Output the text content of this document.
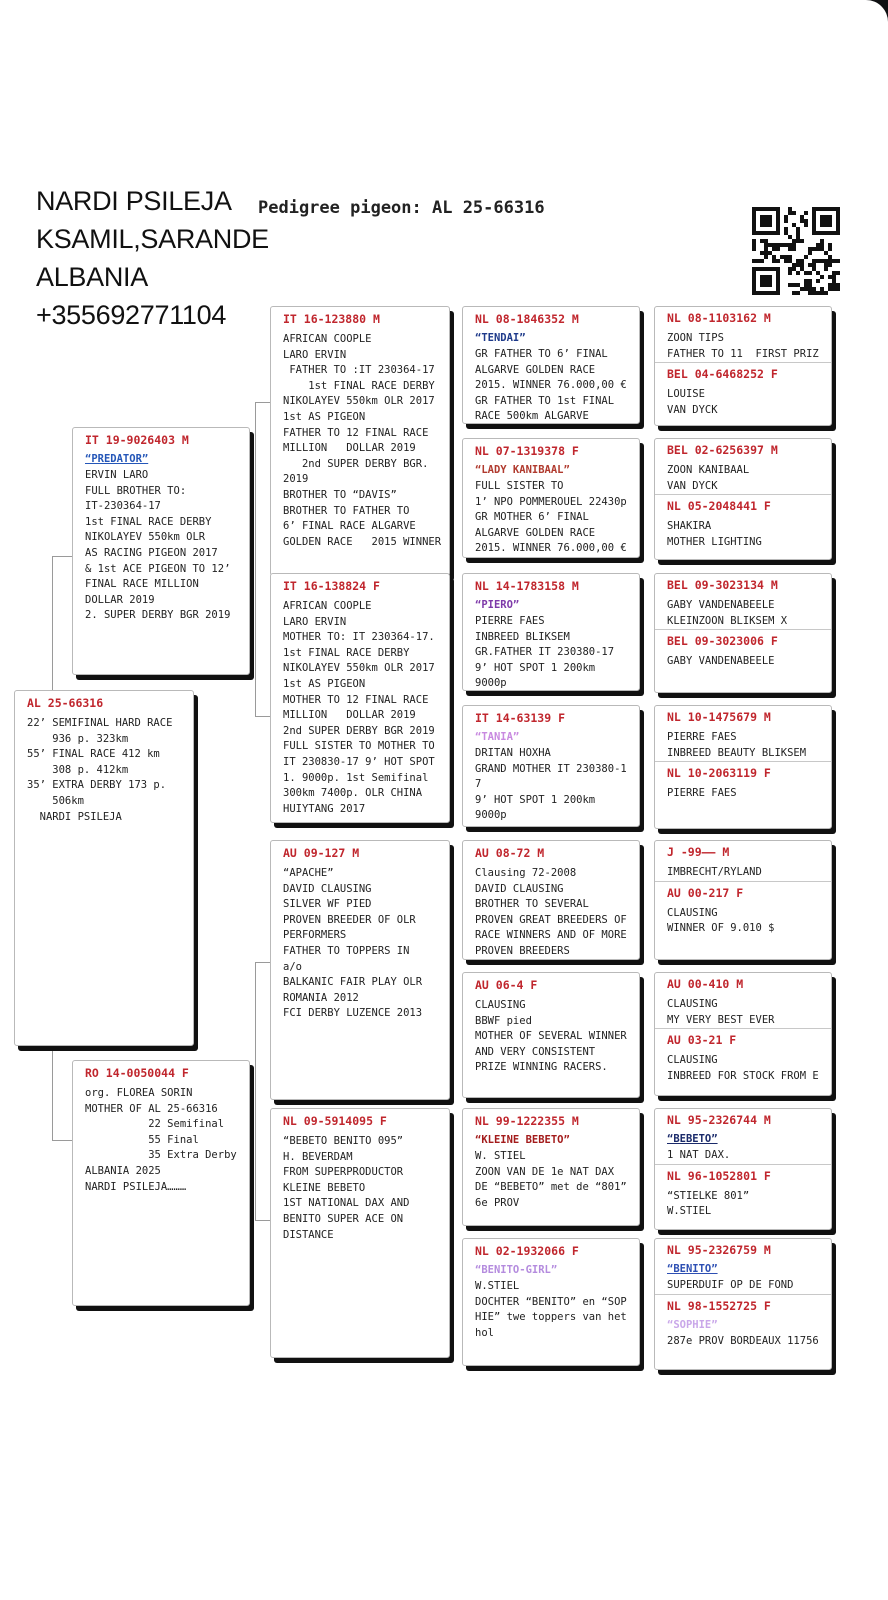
NARDI PSILEJA
KSAMIL,SARANDE
ALBANIA
+355692771104
Pedigree pigeon: AL 25-66316
AL 25-66316
22’ SEMIFINAL HARD RACE
936 p. 323km
55’ FINAL RACE 412 km
308 p. 412km
35’ EXTRA DERBY 173 p.
506km
NARDI PSILEJA
IT 19-9026403 M
“PREDATOR”
ERVIN LARO
FULL BROTHER TO:
IT-230364-17
1st FINAL RACE DERBY
NIKOLAYEV 550km OLR
AS RACING PIGEON 2017
& 1st ACE PIGEON TO 12’
FINAL RACE MILLION
DOLLAR 2019
2. SUPER DERBY BGR 2019
RO 14-0050044 F
org. FLOREA SORIN
MOTHER OF AL 25-66316
22 Semifinal
55 Final
35 Extra Derby
ALBANIA 2025
NARDI PSILEJA………
IT 16-123880 M
AFRICAN COOPLE
LARO ERVIN
FATHER TO :IT 230364-17
1st FINAL RACE DERBY
NIKOLAYEV 550km OLR 2017
1st AS PIGEON
FATHER TO 12 FINAL RACE
MILLION   DOLLAR 2019
2nd SUPER DERBY BGR.
2019
BROTHER TO “DAVIS”
BROTHER TO FATHER TO
6’ FINAL RACE ALGARVE
GOLDEN RACE   2015 WINNER
IT 16-138824 F
AFRICAN COOPLE
LARO ERVIN
MOTHER TO: IT 230364-17.
1st FINAL RACE DERBY
NIKOLAYEV 550km OLR 2017
1st AS PIGEON
MOTHER TO 12 FINAL RACE
MILLION   DOLLAR 2019
2nd SUPER DERBY BGR 2019
FULL SISTER TO MOTHER TO
IT 230830-17 9’ HOT SPOT
1. 9000p. 1st Semifinal
300km 7400p. OLR CHINA
HUIYTANG 2017
AU 09-127 M
“APACHE”
DAVID CLAUSING
SILVER WF PIED
PROVEN BREEDER OF OLR
PERFORMERS
FATHER TO TOPPERS IN
a/o
BALKANIC FAIR PLAY OLR
ROMANIA 2012
FCI DERBY LUZENCE 2013
NL 09-5914095 F
“BEBETO BENITO 095”
H. BEVERDAM
FROM SUPERPRODUCTOR
KLEINE BEBETO
1ST NATIONAL DAX AND
BENITO SUPER ACE ON
DISTANCE
NL 08-1846352 M
“TENDAI”
GR FATHER TO 6’ FINAL
ALGARVE GOLDEN RACE
2015. WINNER 76.000,00 €
GR FATHER TO 1st FINAL
RACE 500km ALGARVE
NL 07-1319378 F
“LADY KANIBAAL”
FULL SISTER TO
1’ NPO POMMEROUEL 22430p
GR MOTHER 6’ FINAL
ALGARVE GOLDEN RACE
2015. WINNER 76.000,00 €
NL 14-1783158 M
“PIERO”
PIERRE FAES
INBREED BLIKSEM
GR.FATHER IT 230380-17
9’ HOT SPOT 1 200km
9000p
IT 14-63139 F
“TANIA”
DRITAN HOXHA
GRAND MOTHER IT 230380-1
7
9’ HOT SPOT 1 200km
9000p
AU 08-72 M
Clausing 72-2008
DAVID CLAUSING
BROTHER TO SEVERAL
PROVEN GREAT BREEDERS OF
RACE WINNERS AND OF MORE
PROVEN BREEDERS
AU 06-4 F
CLAUSING
BBWF pied
MOTHER OF SEVERAL WINNER
AND VERY CONSISTENT
PRIZE WINNING RACERS.
NL 99-1222355 M
“KLEINE BEBETO”
W. STIEL
ZOON VAN DE 1e NAT DAX
DE “BEBETO” met de “801”
6e PROV
NL 02-1932066 F
“BENITO-GIRL”
W.STIEL
DOCHTER “BENITO” en “SOP
HIE” twe toppers van het
hol
NL 08-1103162 M
ZOON TIPS
FATHER TO 11  FIRST PRIZ
BEL 04-6468252 F
LOUISE
VAN DYCK
BEL 02-6256397 M
ZOON KANIBAAL
VAN DYCK
NL 05-2048441 F
SHAKIRA
MOTHER LIGHTING
BEL 09-3023134 M
GABY VANDENABEELE
KLEINZOON BLIKSEM X
BEL 09-3023006 F
GABY VANDENABEELE
NL 10-1475679 M
PIERRE FAES
INBREED BEAUTY BLIKSEM
NL 10-2063119 F
PIERRE FAES
J -99—— M
IMBRECHT/RYLAND
AU 00-217 F
CLAUSING
WINNER OF 9.010 $
AU 00-410 M
CLAUSING
MY VERY BEST EVER
AU 03-21 F
CLAUSING
INBREED FOR STOCK FROM E
NL 95-2326744 M
“BEBETO”
1 NAT DAX.
NL 96-1052801 F
“STIELKE 801”
W.STIEL
NL 95-2326759 M
“BENITO”
SUPERDUIF OP DE FOND
NL 98-1552725 F
“SOPHIE”
287e PROV BORDEAUX 11756
